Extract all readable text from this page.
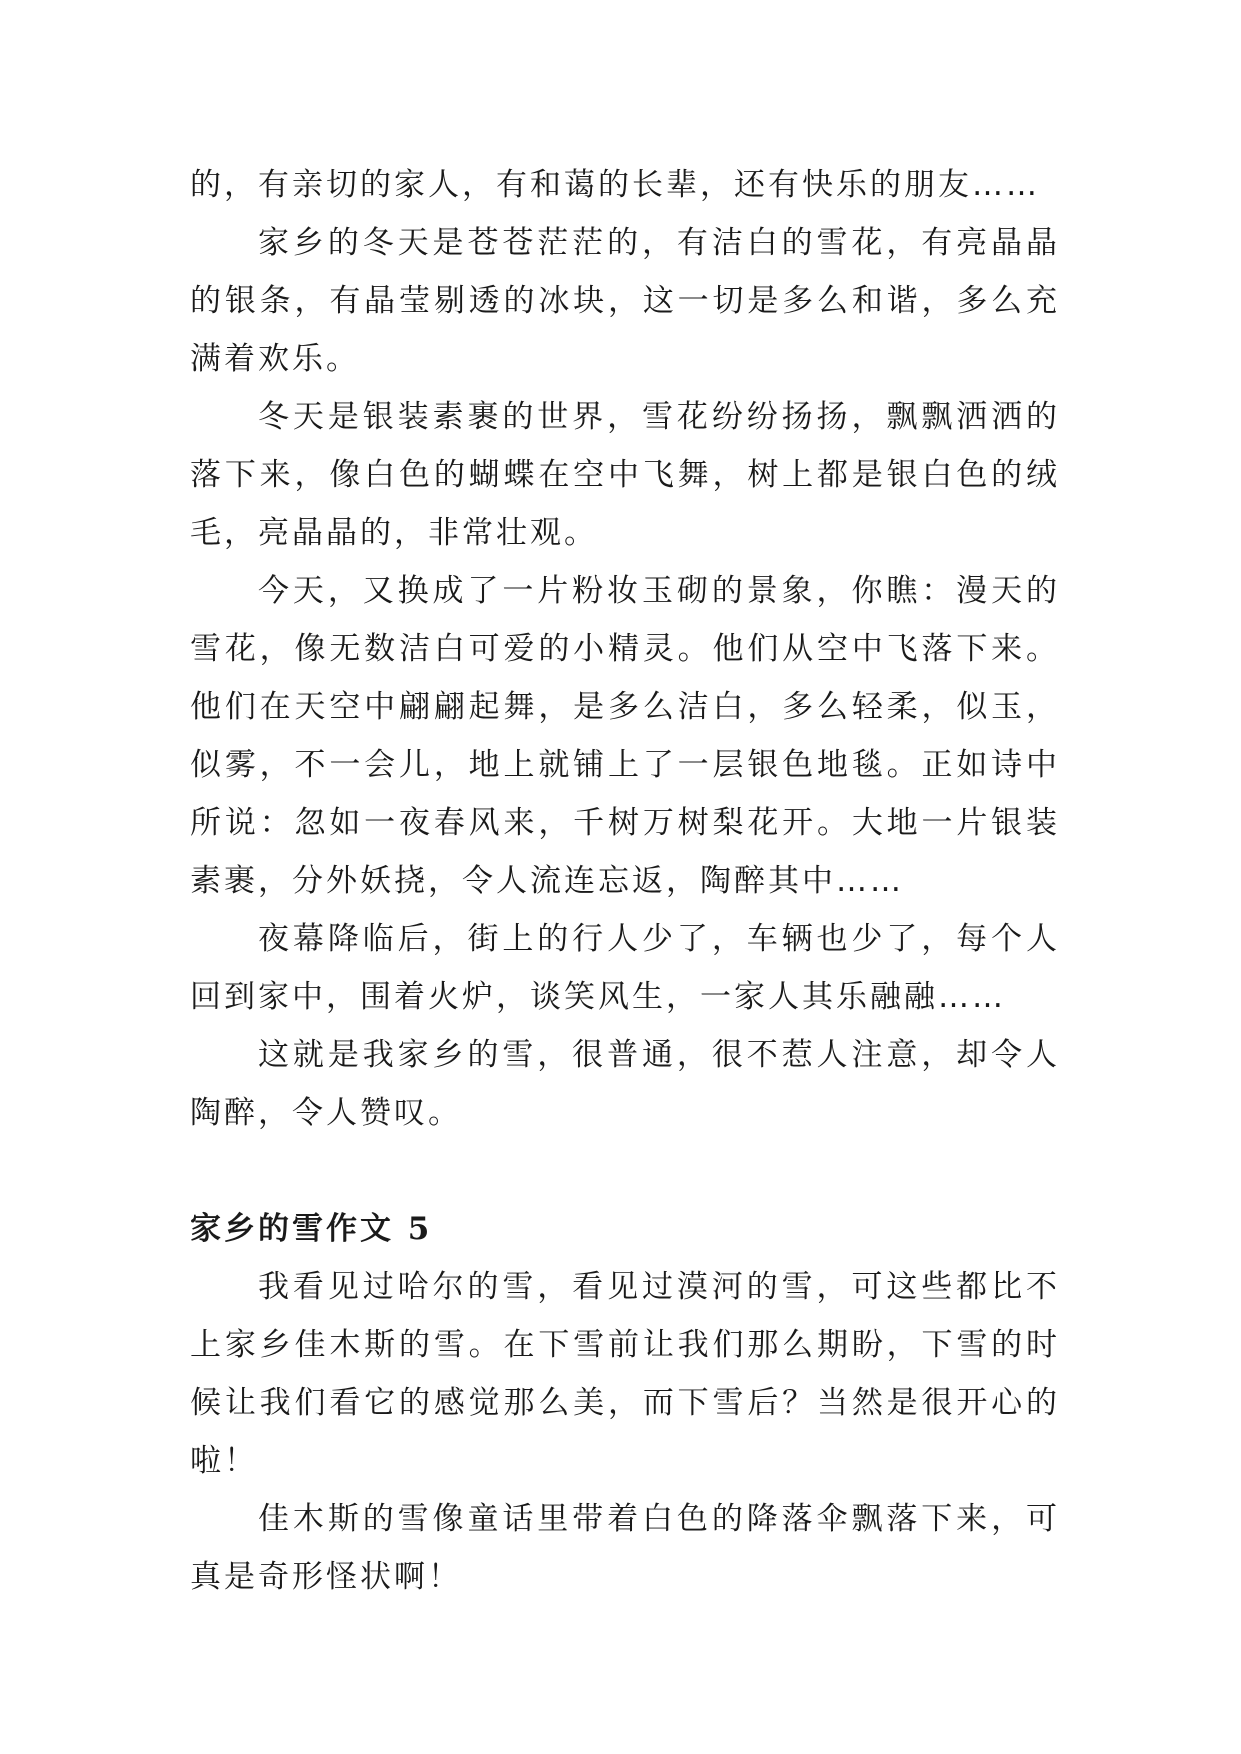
的，有亲切的家人，有和蔼的长辈，还有快乐的朋友……

家乡的冬天是苍苍茫茫的，有洁白的雪花，有亮晶晶的银条，有晶莹剔透的冰块，这一切是多么和谐，多么充满着欢乐。

冬天是银装素裹的世界，雪花纷纷扬扬，飘飘洒洒的落下来，像白色的蝴蝶在空中飞舞，树上都是银白色的绒毛，亮晶晶的，非常壮观。

今天，又换成了一片粉妆玉砌的景象，你瞧：漫天的雪花，像无数洁白可爱的小精灵。他们从空中飞落下来。他们在天空中翩翩起舞，是多么洁白，多么轻柔，似玉，似雾，不一会儿，地上就铺上了一层银色地毯。正如诗中所说：忽如一夜春风来，千树万树梨花开。大地一片银装素裹，分外妖挠，令人流连忘返，陶醉其中……

夜幕降临后，街上的行人少了，车辆也少了，每个人回到家中，围着火炉，谈笑风生，一家人其乐融融……

这就是我家乡的雪，很普通，很不惹人注意，却令人陶醉，令人赞叹。

家乡的雪作文 5

我看见过哈尔的雪，看见过漠河的雪，可这些都比不上家乡佳木斯的雪。在下雪前让我们那么期盼，下雪的时候让我们看它的感觉那么美，而下雪后？当然是很开心的啦！

佳木斯的雪像童话里带着白色的降落伞飘落下来，可真是奇形怪状啊！
